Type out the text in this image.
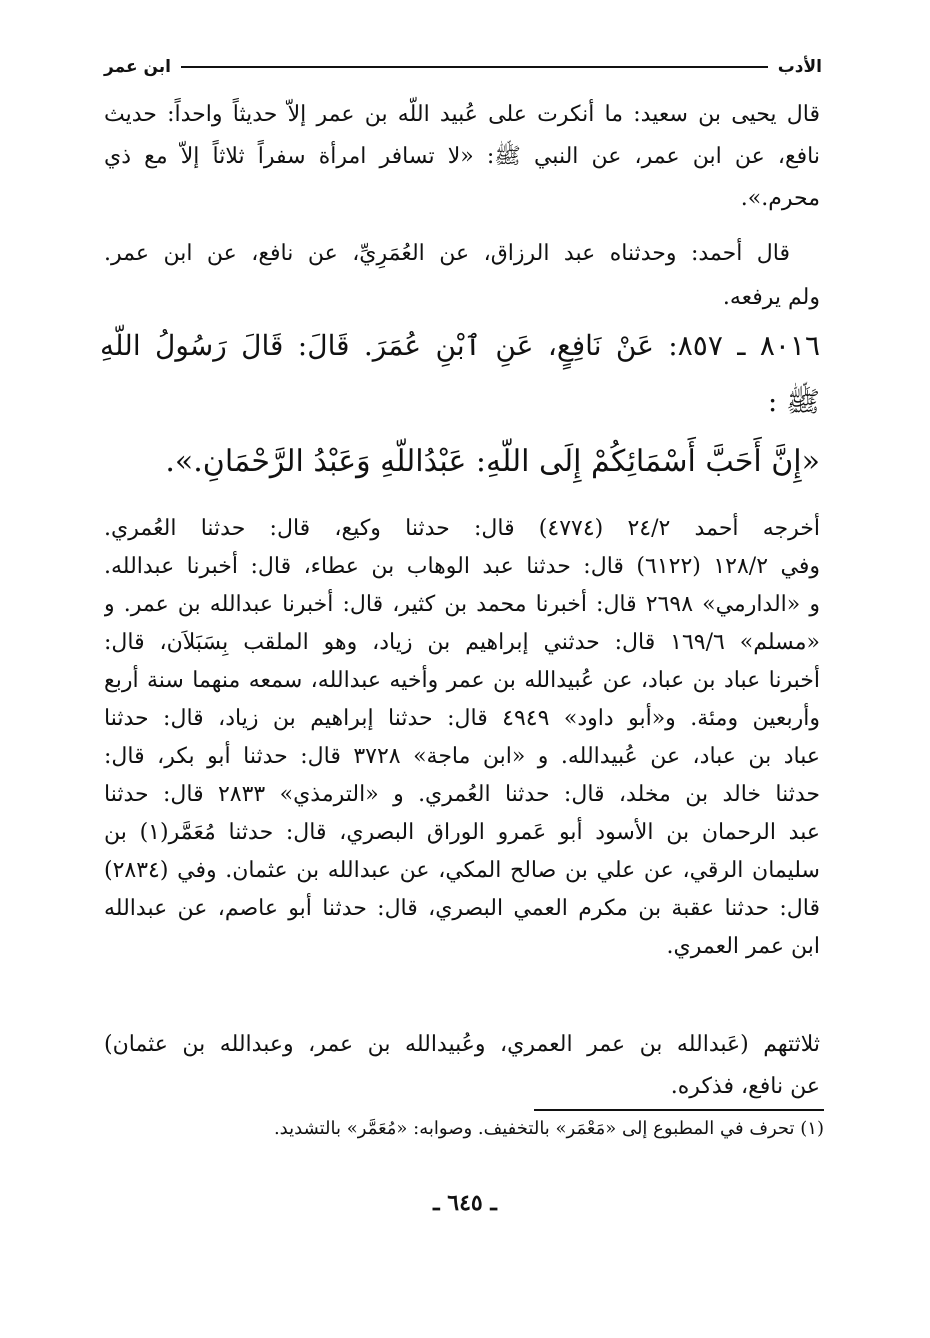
الأدب
ابن عمر
قال يحيى بن سعيد: ما أنكرت على عُبيد اللّه بن عمر إلاّ حديثاً واحداً: حديث
نافع، عن ابن عمر، عن النبي ﷺ: «لا تسافر امرأة سفراً ثلاثاً إلاّ مع ذي
محرم.».
قال أحمد: وحدثناه عبد الرزاق، عن العُمَرِيِّ، عن نافع، عن ابن عمر.
ولم يرفعه.
٨٠١٦ ـ ٨٥٧: عَنْ نَافِعٍ، عَنِ ٱبْنِ عُمَرَ. قَالَ: قَالَ رَسُولُ اللّهِ
ﷺ :
«إِنَّ أَحَبَّ أَسْمَائِكُمْ إِلَى اللّهِ: عَبْدُاللّهِ وَعَبْدُ الرَّحْمَانِ.».
أخرجه أحمد ٢٤/٢ (٤٧٧٤) قال: حدثنا وكيع، قال: حدثنا العُمري.
وفي ١٢٨/٢ (٦١٢٢) قال: حدثنا عبد الوهاب بن عطاء، قال: أخبرنا عبدالله.
و «الدارمي» ٢٦٩٨ قال: أخبرنا محمد بن كثير، قال: أخبرنا عبدالله بن عمر. و
«مسلم» ١٦٩/٦ قال: حدثني إبراهيم بن زياد، وهو الملقب بِسَبَلاَن، قال:
أخبرنا عباد بن عباد، عن عُبيدالله بن عمر وأخيه عبدالله، سمعه منهما سنة أربع
وأربعين ومئة. و«أبو داود» ٤٩٤٩ قال: حدثنا إبراهيم بن زياد، قال: حدثنا
عباد بن عباد، عن عُبيدالله. و «ابن ماجة» ٣٧٢٨ قال: حدثنا أبو بكر، قال:
حدثنا خالد بن مخلد، قال: حدثنا العُمري. و «الترمذي» ٢٨٣٣ قال: حدثنا
عبد الرحمان بن الأسود أبو عَمرو الوراق البصري، قال: حدثنا مُعَمَّر(١) بن
سليمان الرقي، عن علي بن صالح المكي، عن عبدالله بن عثمان. وفي (٢٨٣٤)
قال: حدثنا عقبة بن مكرم العمي البصري، قال: حدثنا أبو عاصم، عن عبدالله
ابن عمر العمري.
ثلاثتهم (عَبدالله بن عمر العمري، وعُبيدالله بن عمر، وعبدالله بن عثمان)
عن نافع، فذكره.
(١) تحرف في المطبوع إلى «مَعْمَر» بالتخفيف. وصوابه: «مُعَمَّر» بالتشديد.
ـ ٦٤٥ ـ
